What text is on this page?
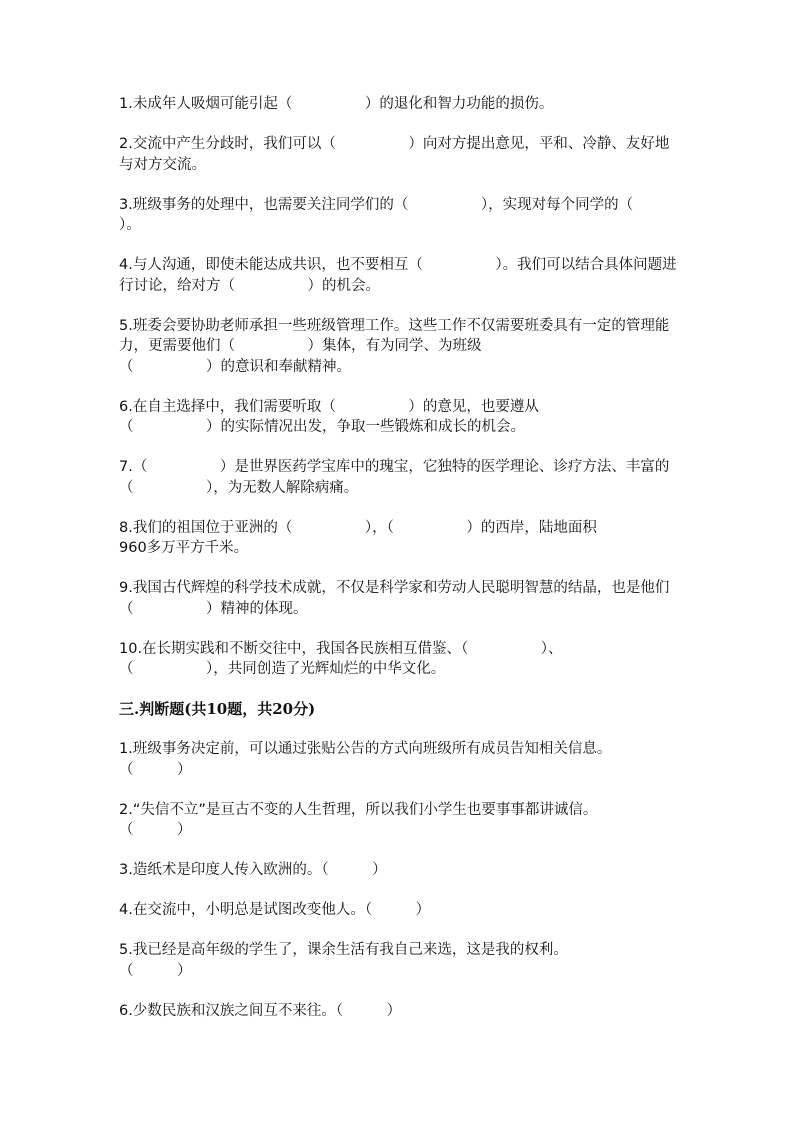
1.未成年人吸烟可能引起（　　　　　）的退化和智力功能的损伤。

2.交流中产生分歧时，我们可以（　　　　　）向对方提出意见，平和、冷静、友好地与对方交流。

3.班级事务的处理中，也需要关注同学们的（　　　　　），实现对每个同学的（　　　　　）。

4.与人沟通，即使未能达成共识，也不要相互（　　　　　）。我们可以结合具体问题进行讨论，给对方（　　　　　）的机会。

5.班委会要协助老师承担一些班级管理工作。这些工作不仅需要班委具有一定的管理能力，更需要他们（　　　　　）集体，有为同学、为班级
（　　　　　）的意识和奉献精神。

6.在自主选择中，我们需要听取（　　　　　）的意见，也要遵从
（　　　　　）的实际情况出发，争取一些锻炼和成长的机会。

7.（　　　　　）是世界医药学宝库中的瑰宝，它独特的医学理论、诊疗方法、丰富的（　　　　　），为无数人解除病痛。

8.我们的祖国位于亚洲的（　　　　　），（　　　　　）的西岸，陆地面积
960多万平方千米。

9.我国古代辉煌的科学技术成就，不仅是科学家和劳动人民聪明智慧的结晶，也是他们（　　　　　）精神的体现。

10.在长期实践和不断交往中，我国各民族相互借鉴、（　　　　　）、
（　　　　　），共同创造了光辉灿烂的中华文化。

三.判断题(共10题，共20分)

1.班级事务决定前，可以通过张贴公告的方式向班级所有成员告知相关信息。
（　　　）

2.“失信不立”是亘古不变的人生哲理，所以我们小学生也要事事都讲诚信。
（　　　）

3.造纸术是印度人传入欧洲的。（　　　）

4.在交流中，小明总是试图改变他人。（　　　）

5.我已经是高年级的学生了，课余生活有我自己来选，这是我的权利。
（　　　）

6.少数民族和汉族之间互不来往。（　　　）
